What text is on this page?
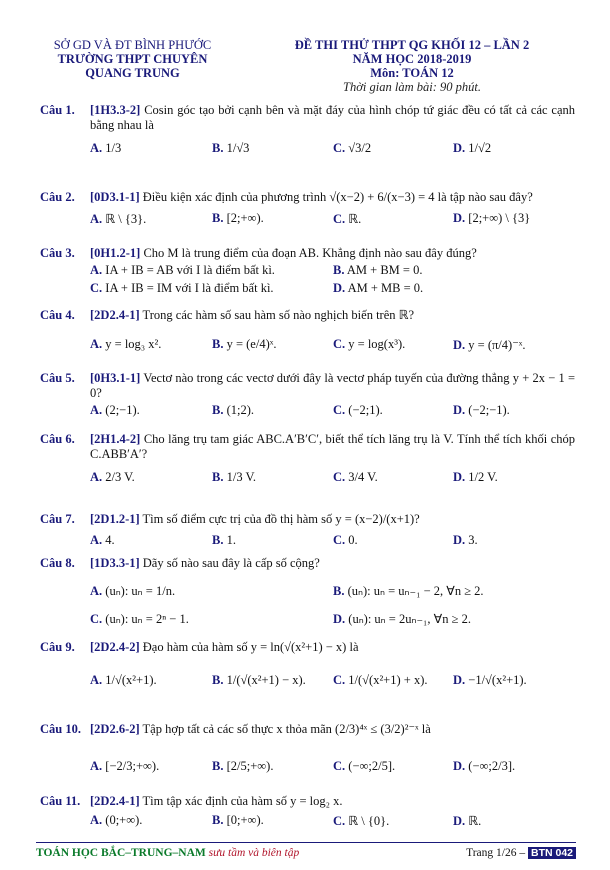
SỞ GD VÀ ĐT BÌNH PHƯỚC
TRƯỜNG THPT CHUYÊN
QUANG TRUNG
ĐỀ THI THỬ THPT QG KHỐI 12 – LẦN 2
NĂM HỌC 2018-2019
Môn: TOÁN 12
Thời gian làm bài: 90 phút.
Câu 1.	[1H3.3-2] Cosin góc tạo bởi cạnh bên và mặt đáy của hình chóp tứ giác đều có tất cả các cạnh bằng nhau là
A. 1/3	B. 1/√3	C. √3/2	D. 1/√2
Câu 2.	[0D3.1-1] Điều kiện xác định của phương trình √(x−2) + 6/(x−3) = 4 là tập nào sau đây?
A. ℝ \ {3}.	B. [2;+∞).	C. ℝ.	D. [2;+∞) \ {3}
Câu 3.	[0H1.2-1] Cho M là trung điểm của đoạn AB. Khẳng định nào sau đây đúng?
A. IA + IB = AB với I là điểm bất kì.	B. AM + BM = 0.
C. IA + IB = IM với I là điểm bất kì.	D. AM + MB = 0.
Câu 4.	[2D2.4-1] Trong các hàm số sau hàm số nào nghịch biến trên ℝ?
A. y = log₃ x².	B. y = (e/4)ˣ.	C. y = log(x³).	D. y = (π/4)⁻ˣ.
Câu 5.	[0H3.1-1] Vectơ nào trong các vectơ dưới đây là vectơ pháp tuyến của đường thẳng y + 2x − 1 = 0?
A. (2;−1).	B. (1;2).	C. (−2;1).	D. (−2;−1).
Câu 6.	[2H1.4-2] Cho lăng trụ tam giác ABC.A′B′C′, biết thể tích lăng trụ là V. Tính thể tích khối chóp C.ABB′A′?
A. 2/3 V.	B. 1/3 V.	C. 3/4 V.	D. 1/2 V.
Câu 7.	[2D1.2-1] Tìm số điểm cực trị của đồ thị hàm số y = (x−2)/(x+1)?
A. 4.	B. 1.	C. 0.	D. 3.
Câu 8.	[1D3.3-1] Dãy số nào sau đây là cấp số cộng?
A. (uₙ): uₙ = 1/n.	B. (uₙ): uₙ = uₙ₋₁ − 2, ∀n ≥ 2.
C. (uₙ): uₙ = 2ⁿ − 1.	D. (uₙ): uₙ = 2uₙ₋₁, ∀n ≥ 2.
Câu 9.	[2D2.4-2] Đạo hàm của hàm số y = ln(√(x²+1) − x) là
A. 1/√(x²+1).	B. 1/(√(x²+1) − x). C. 1/(√(x²+1) + x). D. −1/√(x²+1).
Câu 10. [2D2.6-2] Tập hợp tất cả các số thực x thỏa mãn (2/3)⁴ˣ ≤ (3/2)²⁻ˣ là
A. [−2/3;+∞).	B. [2/5;+∞).	C. (−∞;2/5].	D. (−∞;2/3].
Câu 11. [2D2.4-1] Tìm tập xác định của hàm số y = log₂ x.
A. (0;+∞).	B. [0;+∞).	C. ℝ \ {0}.	D. ℝ.
TOÁN HỌC BẮC–TRUNG–NAM sưu tầm và biên tập	Trang 1/26 – BTN 042
